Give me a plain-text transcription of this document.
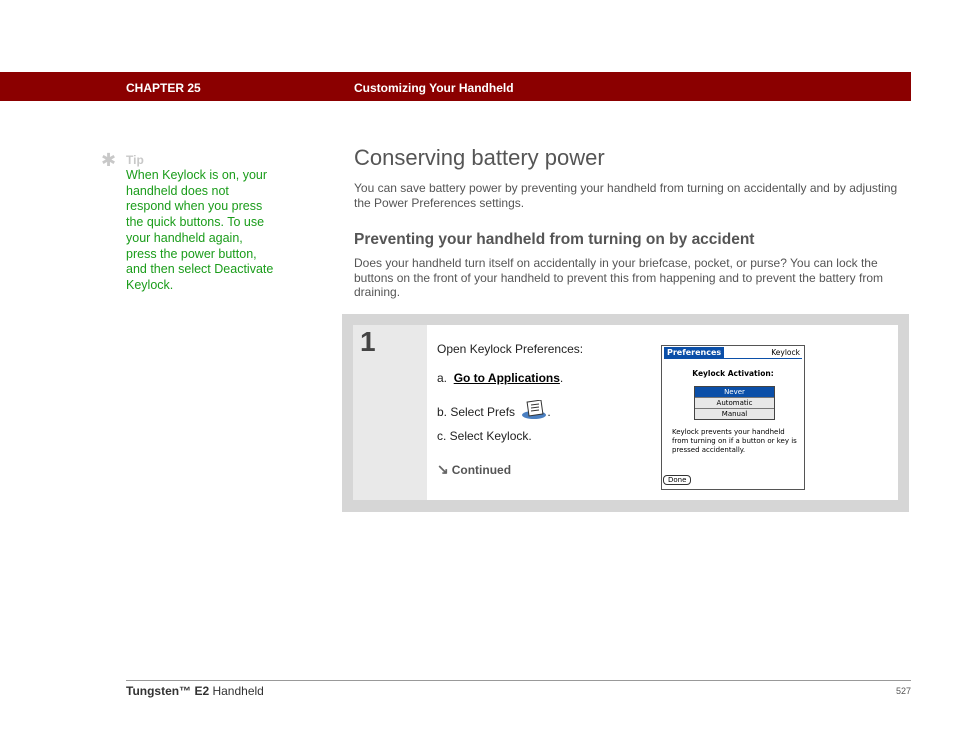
CHAPTER 25	Customizing Your Handheld
✱ Tip
When Keylock is on, your handheld does not respond when you press the quick buttons. To use your handheld again, press the power button, and then select Deactivate Keylock.
Conserving battery power

You can save battery power by preventing your handheld from turning on accidentally and by adjusting the Power Preferences settings.

Preventing your handheld from turning on by accident

Does your handheld turn itself on accidentally in your briefcase, pocket, or purse? You can lock the buttons on the front of your handheld to prevent this from happening and to prevent the battery from draining.

1	Open Keylock Preferences:
a. Go to Applications.
b. Select Prefs	.
c. Select Keylock.
↘ Continued
Preferences	Keylock
Keylock Activation:
Never
Automatic
Manual
Keylock prevents your handheld from turning on if a button or key is pressed accidentally.
Done
Tungsten™ E2 Handheld	527
